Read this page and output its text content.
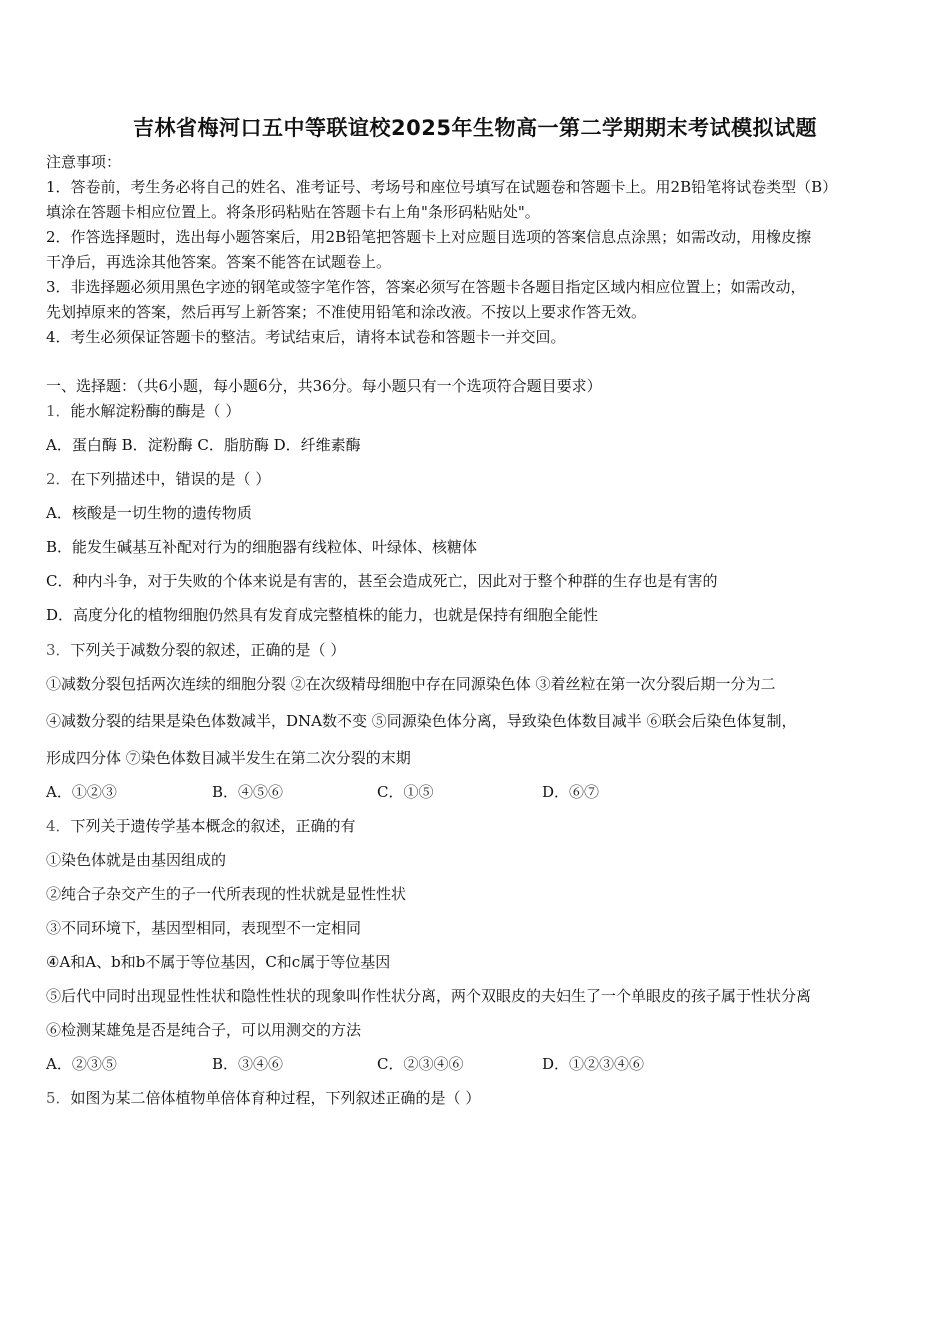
吉林省梅河口五中等联谊校2025年生物高一第二学期期末考试模拟试题
注意事项：
1．答卷前，考生务必将自己的姓名、准考证号、考场号和座位号填写在试题卷和答题卡上。用2B铅笔将试卷类型（B）
填涂在答题卡相应位置上。将条形码粘贴在答题卡右上角"条形码粘贴处"。
2．作答选择题时，选出每小题答案后，用2B铅笔把答题卡上对应题目选项的答案信息点涂黑；如需改动，用橡皮擦
干净后，再选涂其他答案。答案不能答在试题卷上。
3．非选择题必须用黑色字迹的钢笔或签字笔作答，答案必须写在答题卡各题目指定区域内相应位置上；如需改动，
先划掉原来的答案，然后再写上新答案；不准使用铅笔和涂改液。不按以上要求作答无效。
4．考生必须保证答题卡的整洁。考试结束后，请将本试卷和答题卡一并交回。
一、选择题：（共6小题，每小题6分，共36分。每小题只有一个选项符合题目要求）
1．能水解淀粉酶的酶是（ ）
A．蛋白酶 B．淀粉酶 C．脂肪酶 D．纤维素酶
2．在下列描述中，错误的是（ ）
A．核酸是一切生物的遗传物质
B．能发生碱基互补配对行为的细胞器有线粒体、叶绿体、核糖体
C．种内斗争，对于失败的个体来说是有害的，甚至会造成死亡，因此对于整个种群的生存也是有害的
D．高度分化的植物细胞仍然具有发育成完整植株的能力，也就是保持有细胞全能性
3．下列关于减数分裂的叙述，正确的是（ ）
①减数分裂包括两次连续的细胞分裂 ②在次级精母细胞中存在同源染色体 ③着丝粒在第一次分裂后期一分为二
④减数分裂的结果是染色体数减半，DNA数不变 ⑤同源染色体分离，导致染色体数目减半 ⑥联会后染色体复制，
形成四分体 ⑦染色体数目减半发生在第二次分裂的末期
A．①②③	B．④⑤⑥	C．①⑤	D．⑥⑦
4．下列关于遗传学基本概念的叙述，正确的有
①染色体就是由基因组成的
②纯合子杂交产生的子一代所表现的性状就是显性性状
③不同环境下，基因型相同，表现型不一定相同
④A和A、b和b不属于等位基因，C和c属于等位基因
⑤后代中同时出现显性性状和隐性性状的现象叫作性状分离，两个双眼皮的夫妇生了一个单眼皮的孩子属于性状分离
⑥检测某雄兔是否是纯合子，可以用测交的方法
A．②③⑤	B．③④⑥	C．②③④⑥	D．①②③④⑥
5．如图为某二倍体植物单倍体育种过程，下列叙述正确的是（ ）
